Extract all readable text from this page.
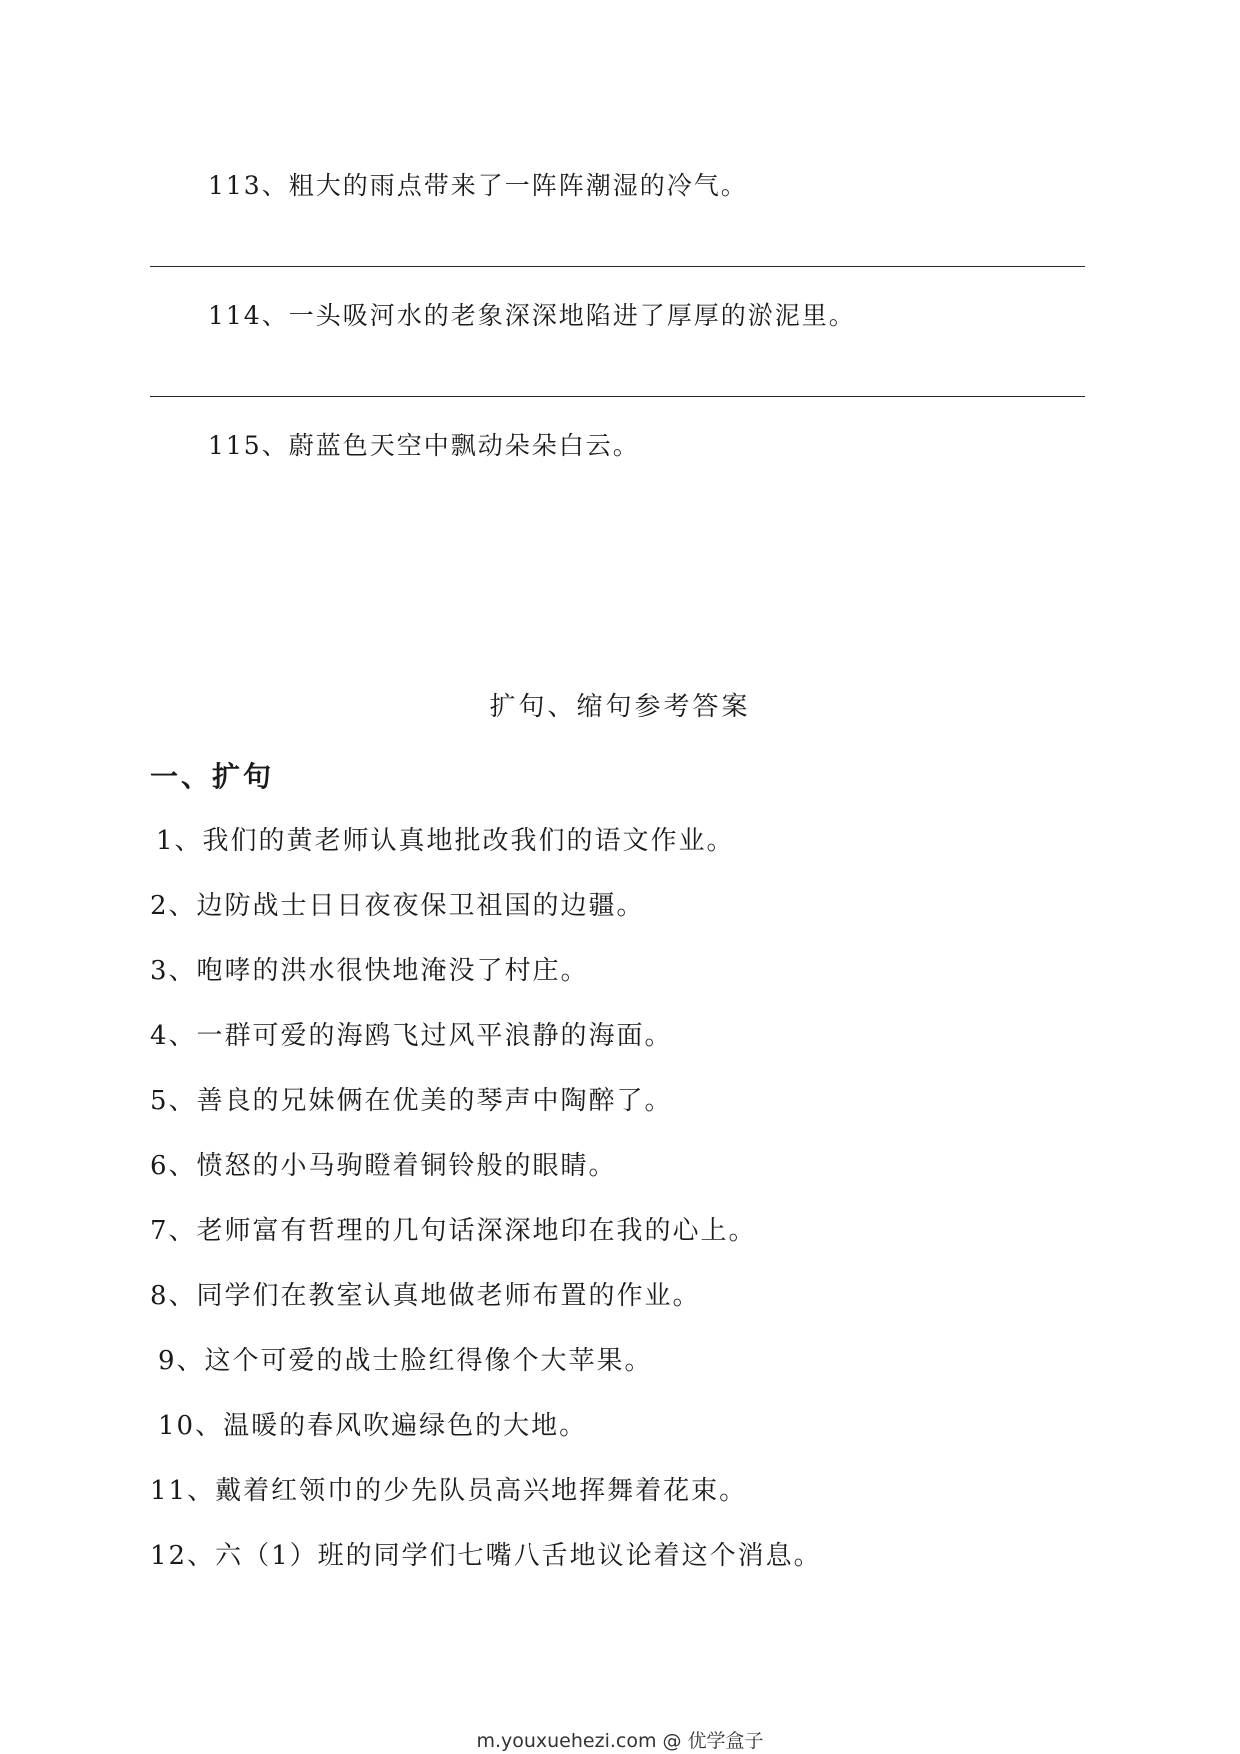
113、粗大的雨点带来了一阵阵潮湿的冷气。
114、一头吸河水的老象深深地陷进了厚厚的淤泥里。
115、蔚蓝色天空中飘动朵朵白云。
扩句、缩句参考答案
一、扩句
1、我们的黄老师认真地批改我们的语文作业。
2、边防战士日日夜夜保卫祖国的边疆。
3、咆哮的洪水很快地淹没了村庄。
4、一群可爱的海鸥飞过风平浪静的海面。
5、善良的兄妹俩在优美的琴声中陶醉了。
6、愤怒的小马驹瞪着铜铃般的眼睛。
7、老师富有哲理的几句话深深地印在我的心上。
8、同学们在教室认真地做老师布置的作业。
9、这个可爱的战士脸红得像个大苹果。
10、温暖的春风吹遍绿色的大地。
11、戴着红领巾的少先队员高兴地挥舞着花束。
12、六（1）班的同学们七嘴八舌地议论着这个消息。
m.youxuehezi.com @ 优学盒子
